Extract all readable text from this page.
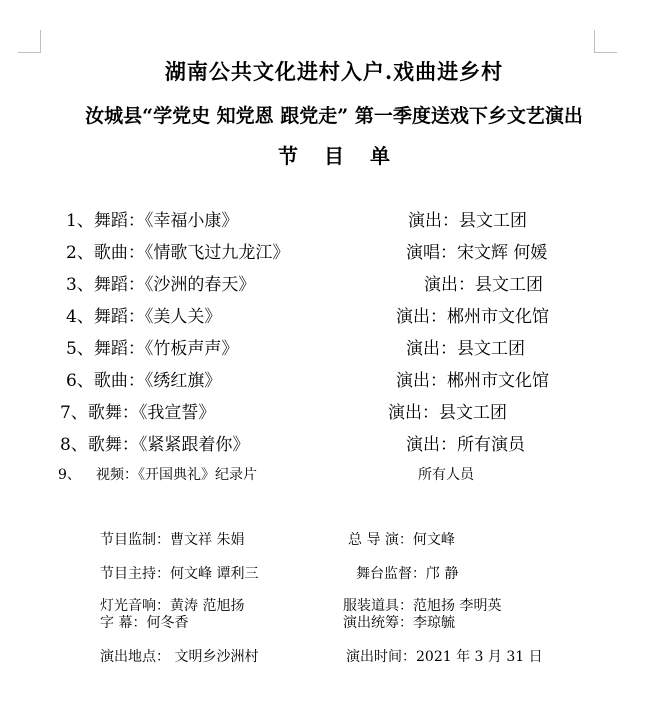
湖南公共文化进村入户.戏曲进乡村
汝城县“学党史 知党恩 跟党走” 第一季度送戏下乡文艺演出
节目单
1、舞蹈：《幸福小康》	演出：县文工团
2、歌曲：《情歌飞过九龙江》	演唱：宋文辉 何媛
3、舞蹈：《沙洲的春天》	演出：县文工团
4、舞蹈：《美人关》	演出：郴州市文化馆
5、舞蹈：《竹板声声》	演出：县文工团
6、歌曲：《绣红旗》	演出：郴州市文化馆
7、歌舞：《我宣誓》	演出：县文工团
8、歌舞：《紧紧跟着你》	演出：所有演员
9、 视频：《开国典礼》纪录片	所有人员
节目监制：曹文祥 朱娟	总 导 演：何文峰
节目主持：何文峰 谭利三	舞台监督：邝 静
灯光音响：黄涛 范旭扬	服装道具：范旭扬 李明英
字 幕：何冬香	演出统筹：李琼毓
演出地点： 文明乡沙洲村	演出时间：2021 年 3 月 31 日
